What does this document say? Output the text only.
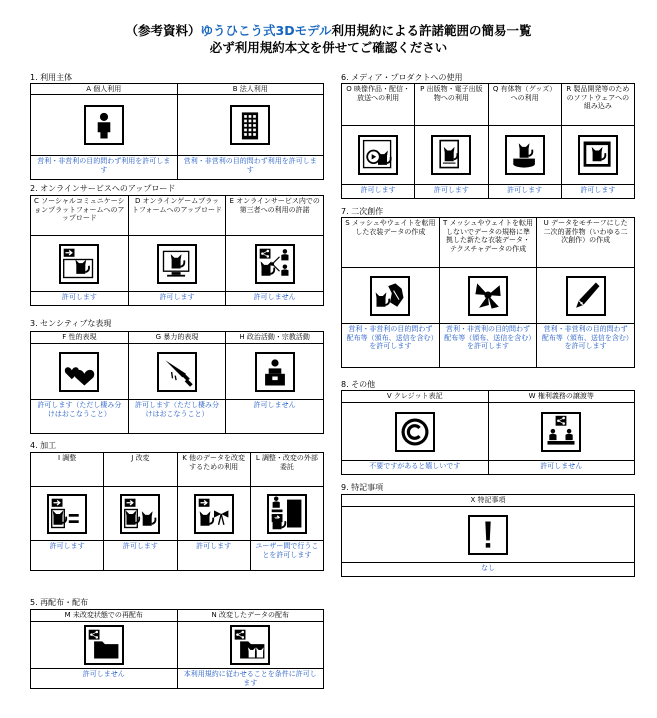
（参考資料）ゆうひこう式3Dモデル利用規約による許諾範囲の簡易一覧
必ず利用規約本文を併せてご確認ください
1. 利用主体
A 個人利用
営利・非営利の目的問わず利用を許可します
B 法人利用
営利・非営利の目的問わず利用を許可します
2. オンラインサービスへのアップロード
C ソーシャルコミュニケーションプラットフォームへのアップロード
許可します
D オンラインゲームプラットフォームへのアップロード
許可します
E オンラインサービス内での第三者への利用の許諾
許可しません
3. センシティブな表現
F 性的表現
許可します（ただし棲み分けはおこなうこと）
G 暴力的表現
許可します（ただし棲み分けはおこなうこと）
H 政治活動・宗教活動
許可しません
4. 加工
I 調整
許可します
J 改変
許可します
K 他のデータを改変するための利用
許可します
L 調整・改変の外部委託
ユーザー間で行うことを許可します
5. 再配布・配布
M 未改変状態での再配布
許可しません
N 改変したデータの配布
本利用規約に従わせることを条件に許可します
6. メディア・プロダクトへの使用
O 映像作品・配信・放送への利用
許可します
P 出版物・電子出版物への利用
許可します
Q 有体物（グッズ）への利用
許可します
R 製品開発等のためのソフトウェアへの組み込み
許可します
7. 二次創作
S メッシュやウェイトを転用した衣装データの作成
営利・非営利の目的問わず配布等（頒布、送信を含む）を許可します
T メッシュやウェイトを転用しないでデータの規格に準拠した新たな衣装データ・テクスチャデータの作成
営利・非営利の目的問わず配布等（頒布、送信を含む）を許可します
U データをモチーフにした二次的著作物（いわゆる二次創作）の作成
営利・非営利の目的問わず配布等（頒布、送信を含む）を許可します
8. その他
V クレジット表記
不要ですがあると嬉しいです
W 権利義務の譲渡等
許可しません
9. 特記事項
X 特記事項
なし
